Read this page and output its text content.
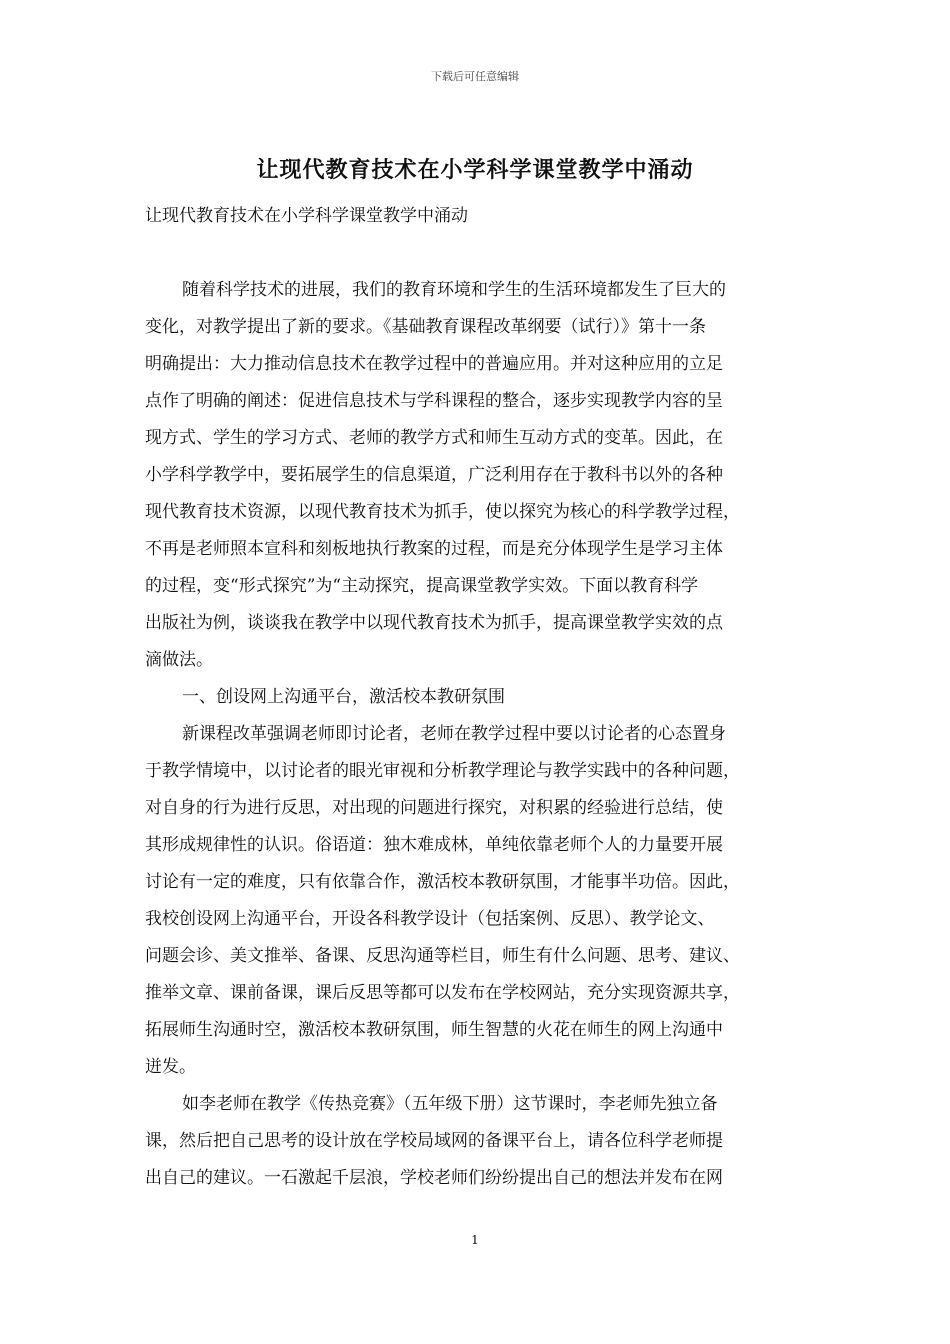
下载后可任意编辑
让现代教育技术在小学科学课堂教学中涌动
让现代教育技术在小学科学课堂教学中涌动
随着科学技术的进展，我们的教育环境和学生的生活环境都发生了巨大的
变化，对教学提出了新的要求。《基础教育课程改革纲要（试行）》第十一条
明确提出：大力推动信息技术在教学过程中的普遍应用。并对这种应用的立足
点作了明确的阐述：促进信息技术与学科课程的整合，逐步实现教学内容的呈
现方式、学生的学习方式、老师的教学方式和师生互动方式的变革。因此，在
小学科学教学中，要拓展学生的信息渠道，广泛利用存在于教科书以外的各种
现代教育技术资源，以现代教育技术为抓手，使以探究为核心的科学教学过程，
不再是老师照本宣科和刻板地执行教案的过程，而是充分体现学生是学习主体
的过程，变“形式探究”为“主动探究，提高课堂教学实效。下面以教育科学
出版社为例，谈谈我在教学中以现代教育技术为抓手，提高课堂教学实效的点
滴做法。
一、创设网上沟通平台，激活校本教研氛围
新课程改革强调老师即讨论者，老师在教学过程中要以讨论者的心态置身
于教学情境中，以讨论者的眼光审视和分析教学理论与教学实践中的各种问题，
对自身的行为进行反思，对出现的问题进行探究，对积累的经验进行总结，使
其形成规律性的认识。俗语道：独木难成林，单纯依靠老师个人的力量要开展
讨论有一定的难度，只有依靠合作，激活校本教研氛围，才能事半功倍。因此，
我校创设网上沟通平台，开设各科教学设计（包括案例、反思）、教学论文、
问题会诊、美文推举、备课、反思沟通等栏目，师生有什么问题、思考、建议、
推举文章、课前备课，课后反思等都可以发布在学校网站，充分实现资源共享，
拓展师生沟通时空，激活校本教研氛围，师生智慧的火花在师生的网上沟通中
迸发。
如李老师在教学《传热竞赛》（五年级下册）这节课时，李老师先独立备
课，然后把自己思考的设计放在学校局域网的备课平台上，请各位科学老师提
出自己的建议。一石激起千层浪，学校老师们纷纷提出自己的想法并发布在网
1
